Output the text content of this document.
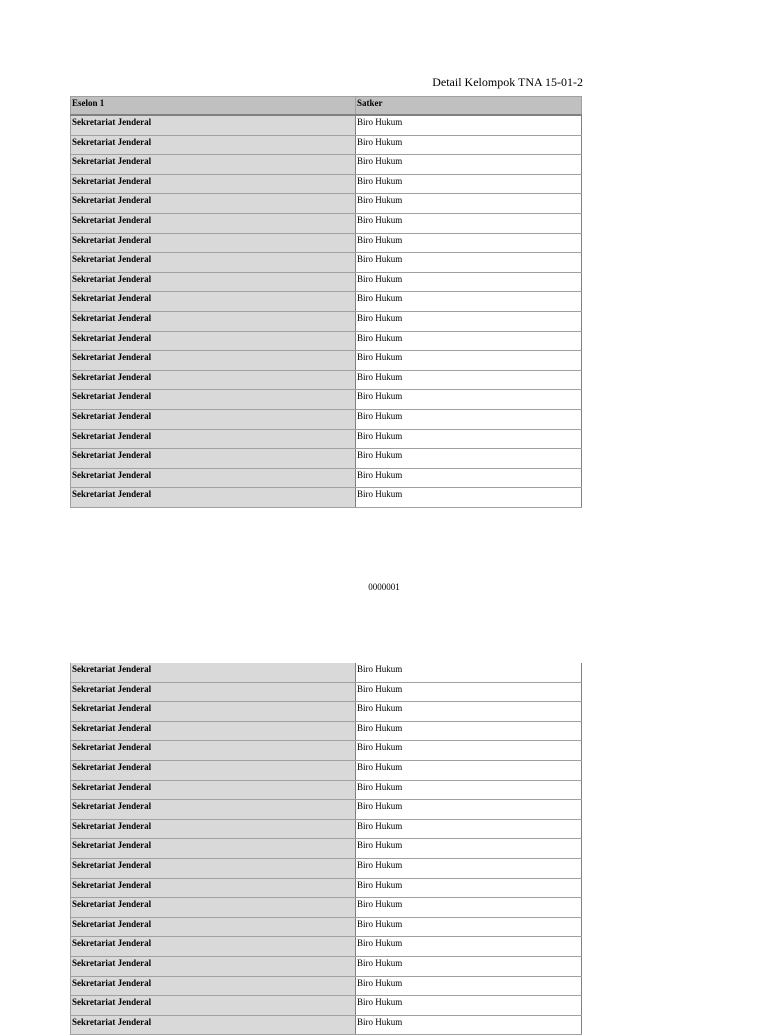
Detail Kelompok TNA 15-01-2
Eselon 1	Satker
Sekretariat Jenderal	Biro Hukum
Sekretariat Jenderal	Biro Hukum
Sekretariat Jenderal	Biro Hukum
Sekretariat Jenderal	Biro Hukum
Sekretariat Jenderal	Biro Hukum
Sekretariat Jenderal	Biro Hukum
Sekretariat Jenderal	Biro Hukum
Sekretariat Jenderal	Biro Hukum
Sekretariat Jenderal	Biro Hukum
Sekretariat Jenderal	Biro Hukum
Sekretariat Jenderal	Biro Hukum
Sekretariat Jenderal	Biro Hukum
Sekretariat Jenderal	Biro Hukum
Sekretariat Jenderal	Biro Hukum
Sekretariat Jenderal	Biro Hukum
Sekretariat Jenderal	Biro Hukum
Sekretariat Jenderal	Biro Hukum
Sekretariat Jenderal	Biro Hukum
Sekretariat Jenderal	Biro Hukum
Sekretariat Jenderal	Biro Hukum
0000001
Sekretariat Jenderal	Biro Hukum
Sekretariat Jenderal	Biro Hukum
Sekretariat Jenderal	Biro Hukum
Sekretariat Jenderal	Biro Hukum
Sekretariat Jenderal	Biro Hukum
Sekretariat Jenderal	Biro Hukum
Sekretariat Jenderal	Biro Hukum
Sekretariat Jenderal	Biro Hukum
Sekretariat Jenderal	Biro Hukum
Sekretariat Jenderal	Biro Hukum
Sekretariat Jenderal	Biro Hukum
Sekretariat Jenderal	Biro Hukum
Sekretariat Jenderal	Biro Hukum
Sekretariat Jenderal	Biro Hukum
Sekretariat Jenderal	Biro Hukum
Sekretariat Jenderal	Biro Hukum
Sekretariat Jenderal	Biro Hukum
Sekretariat Jenderal	Biro Hukum
Sekretariat Jenderal	Biro Hukum
